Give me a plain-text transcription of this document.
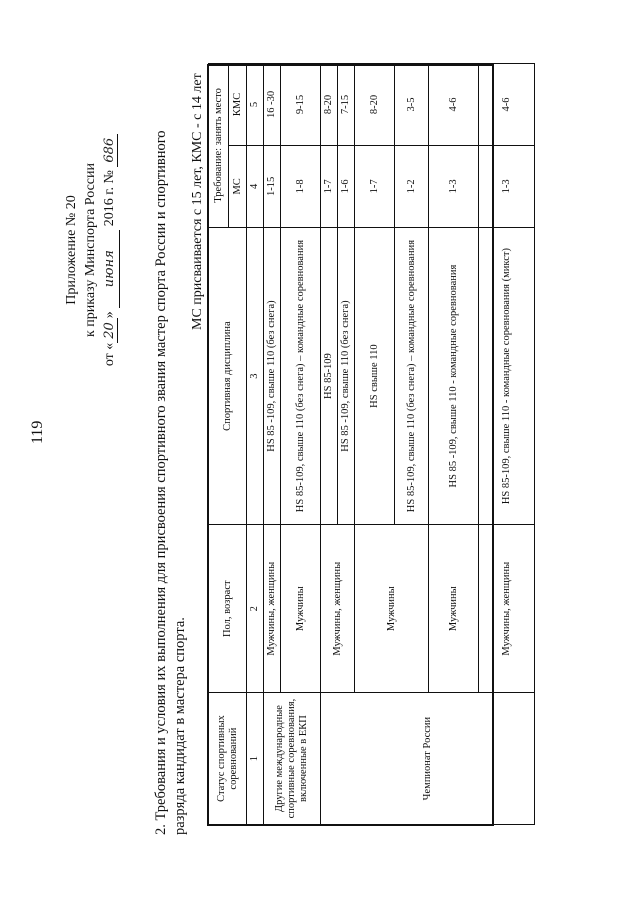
119
Приложение № 20 к приказу Минспорта России
от «20» июня 2016 г. № 686 2. Требования и условия их выполнения для присвоения спортивного звания мастер спорта России и спортивного разряда кандидат в мастера спорта.
МС присваивается с 15 лет, КМС - с 14 лет
Статус спортивных соревнований	Пол, возраст	Спортивная дисциплина	Требование: занять место	
			МС	КМС
1	2	3	4	5
Другие международные спортивные соревнования, включенные в ЕКП	Мужчины, женщины	HS 85 -109, свыше 110 (без снега)	1-15	16 -30
	Мужчины	HS 85-109, свыше 110 (без снега) – командные соревнования	1-8	9-15
Чемпионат России	Мужчины, женщины	HS 85-109	1-7	8-20
		HS 85 -109, свыше 110 (без снега)	1-6	7-15
	Мужчины	HS свыше 110	1-7	8-20
		HS 85-109, свыше 110 (без снега) – командные соревнования	1-2	3-5
	Мужчины	HS 85 -109, свыше 110 - командные соревнования	1-3	4-6
	Мужчины, женщины	HS 85-109, свыше 110 - командные соревнования (микст)	1-3	4-6
